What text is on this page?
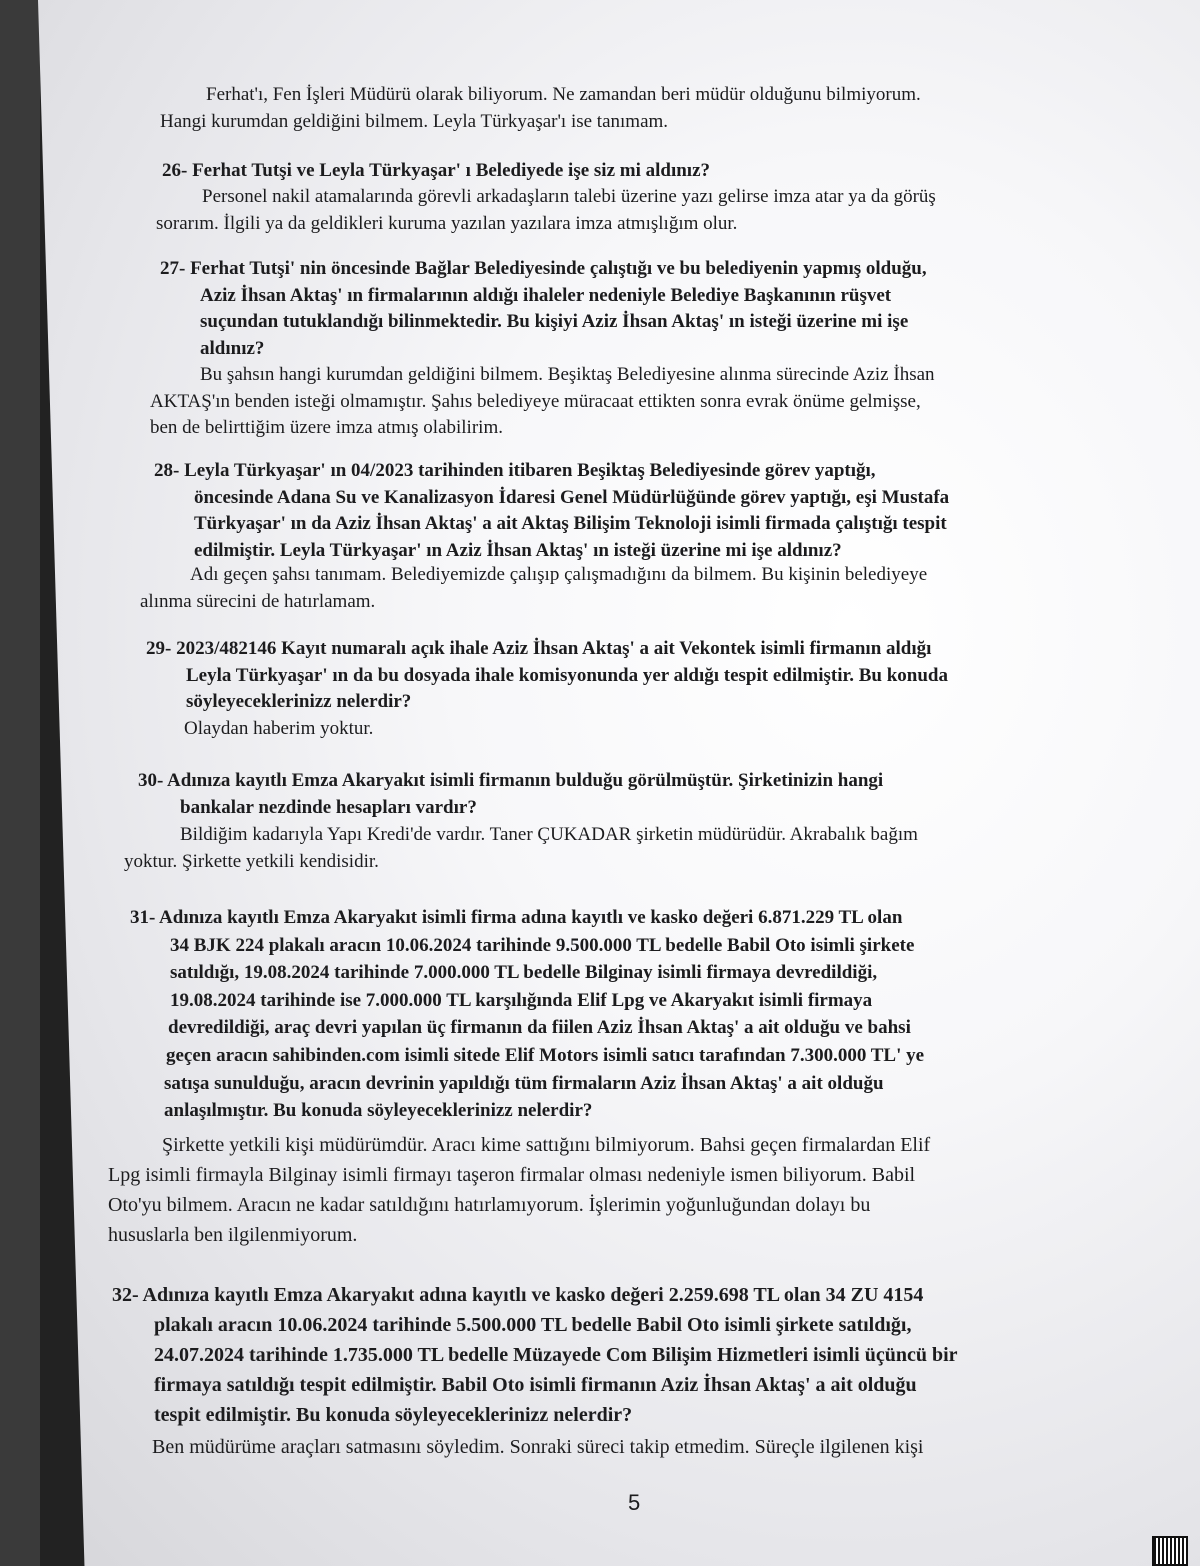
Ferhat'ı, Fen İşleri Müdürü olarak biliyorum. Ne zamandan beri müdür olduğunu bilmiyorum.
Hangi kurumdan geldiğini bilmem. Leyla Türkyaşar'ı ise tanımam.
26- Ferhat Tutşi ve Leyla Türkyaşar' ı Belediyede işe siz mi aldınız?
Personel nakil atamalarında görevli arkadaşların talebi üzerine yazı gelirse imza atar ya da görüş
sorarım. İlgili ya da geldikleri kuruma yazılan yazılara imza atmışlığım olur.
27- Ferhat Tutşi' nin öncesinde Bağlar Belediyesinde çalıştığı ve bu belediyenin yapmış olduğu,
Aziz İhsan Aktaş' ın firmalarının aldığı ihaleler nedeniyle Belediye Başkanının rüşvet
suçundan tutuklandığı bilinmektedir. Bu kişiyi Aziz İhsan Aktaş' ın isteği üzerine mi işe
aldınız?
Bu şahsın hangi kurumdan geldiğini bilmem. Beşiktaş Belediyesine alınma sürecinde Aziz İhsan
AKTAŞ'ın benden isteği olmamıştır. Şahıs belediyeye müracaat ettikten sonra evrak önüme gelmişse,
ben de belirttiğim üzere imza atmış olabilirim.
28- Leyla Türkyaşar' ın 04/2023 tarihinden itibaren Beşiktaş Belediyesinde görev yaptığı,
öncesinde Adana Su ve Kanalizasyon İdaresi Genel Müdürlüğünde görev yaptığı, eşi Mustafa
Türkyaşar' ın da Aziz İhsan Aktaş' a ait Aktaş Bilişim Teknoloji isimli firmada çalıştığı tespit
edilmiştir. Leyla Türkyaşar' ın Aziz İhsan Aktaş' ın isteği üzerine mi işe aldınız?
Adı geçen şahsı tanımam. Belediyemizde çalışıp çalışmadığını da bilmem. Bu kişinin belediyeye
alınma sürecini de hatırlamam.
29- 2023/482146 Kayıt numaralı açık ihale Aziz İhsan Aktaş' a ait Vekontek isimli firmanın aldığı
Leyla Türkyaşar' ın da bu dosyada ihale komisyonunda yer aldığı tespit edilmiştir. Bu konuda
söyleyeceklerinizz nelerdir?
Olaydan haberim yoktur.
30- Adınıza kayıtlı Emza Akaryakıt isimli firmanın bulduğu görülmüştür. Şirketinizin hangi
bankalar nezdinde hesapları vardır?
Bildiğim kadarıyla Yapı Kredi'de vardır. Taner ÇUKADAR şirketin müdürüdür. Akrabalık bağım
yoktur. Şirkette yetkili kendisidir.
31- Adınıza kayıtlı Emza Akaryakıt isimli firma adına kayıtlı ve kasko değeri 6.871.229 TL olan
34 BJK 224 plakalı aracın 10.06.2024 tarihinde 9.500.000 TL bedelle Babil Oto isimli şirkete
satıldığı, 19.08.2024 tarihinde 7.000.000 TL bedelle Bilginay isimli firmaya devredildiği,
19.08.2024 tarihinde ise 7.000.000 TL karşılığında Elif Lpg ve Akaryakıt isimli firmaya
devredildiği, araç devri yapılan üç firmanın da fiilen Aziz İhsan Aktaş' a ait olduğu ve bahsi
geçen aracın sahibinden.com isimli sitede Elif Motors isimli satıcı tarafından 7.300.000 TL' ye
satışa sunulduğu, aracın devrinin yapıldığı tüm firmaların Aziz İhsan Aktaş' a ait olduğu
anlaşılmıştır. Bu konuda söyleyeceklerinizz nelerdir?
Şirkette yetkili kişi müdürümdür. Aracı kime sattığını bilmiyorum. Bahsi geçen firmalardan Elif
Lpg isimli firmayla Bilginay isimli firmayı taşeron firmalar olması nedeniyle ismen biliyorum. Babil
Oto'yu bilmem. Aracın ne kadar satıldığını hatırlamıyorum. İşlerimin yoğunluğundan dolayı bu
hususlarla ben ilgilenmiyorum.
32- Adınıza kayıtlı Emza Akaryakıt adına kayıtlı ve kasko değeri 2.259.698 TL olan 34 ZU 4154
plakalı aracın 10.06.2024 tarihinde 5.500.000 TL bedelle Babil Oto isimli şirkete satıldığı,
24.07.2024 tarihinde 1.735.000 TL bedelle Müzayede Com Bilişim Hizmetleri isimli üçüncü bir
firmaya satıldığı tespit edilmiştir. Babil Oto isimli firmanın Aziz İhsan Aktaş' a ait olduğu
tespit edilmiştir. Bu konuda söyleyeceklerinizz nelerdir?
Ben müdürüme araçları satmasını söyledim. Sonraki süreci takip etmedim. Süreçle ilgilenen kişi
5
